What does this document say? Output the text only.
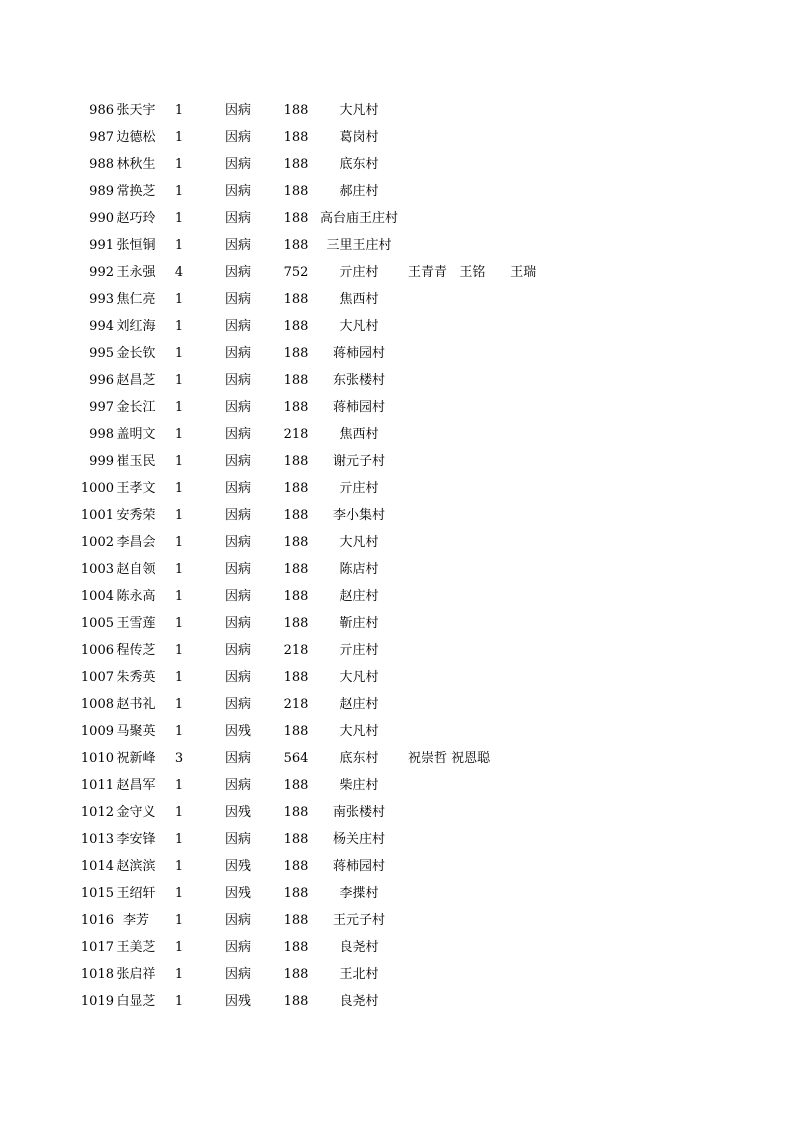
986 张天宇	1	因病	188	大凡村
987 边德松	1	因病	188	葛岗村
988 林秋生	1	因病	188	底东村
989 常换芝	1	因病	188	郝庄村
990 赵巧玲	1	因病	188 高台庙王庄村
991 张恒铜	1	因病	188	三里王庄村
992 王永强	4	因病	752	亓庄村	王青青   王铭      王瑞
993 焦仁亮	1	因病	188	焦西村
994 刘红海	1	因病	188	大凡村
995 金长钦	1	因病	188	蒋柿园村
996 赵昌芝	1	因病	188	东张楼村
997 金长江	1	因病	188	蒋柿园村
998 盖明文	1	因病	218	焦西村
999 崔玉民	1	因病	188	谢元子村
1000 王孝文	1	因病	188	亓庄村
1001 安秀荣	1	因病	188	李小集村
1002 李昌会	1	因病	188	大凡村
1003 赵自领	1	因病	188	陈店村
1004 陈永高	1	因病	188	赵庄村
1005 王雪莲	1	因病	188	靳庄村
1006 程传芝	1	因病	218	亓庄村
1007 朱秀英	1	因病	188	大凡村
1008 赵书礼	1	因病	218	赵庄村
1009 马聚英	1	因残	188	大凡村
1010 祝新峰	3	因病	564	底东村	祝崇哲 祝恩聪
1011 赵昌军	1	因病	188	柴庄村
1012 金守义	1	因残	188	南张楼村
1013 李安锋	1	因病	188	杨关庄村
1014 赵滨滨	1	因残	188	蒋柿园村
1015 王绍轩	1	因残	188	李揲村
1016 李芳	1	因病	188	王元子村
1017 王美芝	1	因病	188	良尧村
1018 张启祥	1	因病	188	王北村
1019 白显芝	1	因残	188	良尧村
